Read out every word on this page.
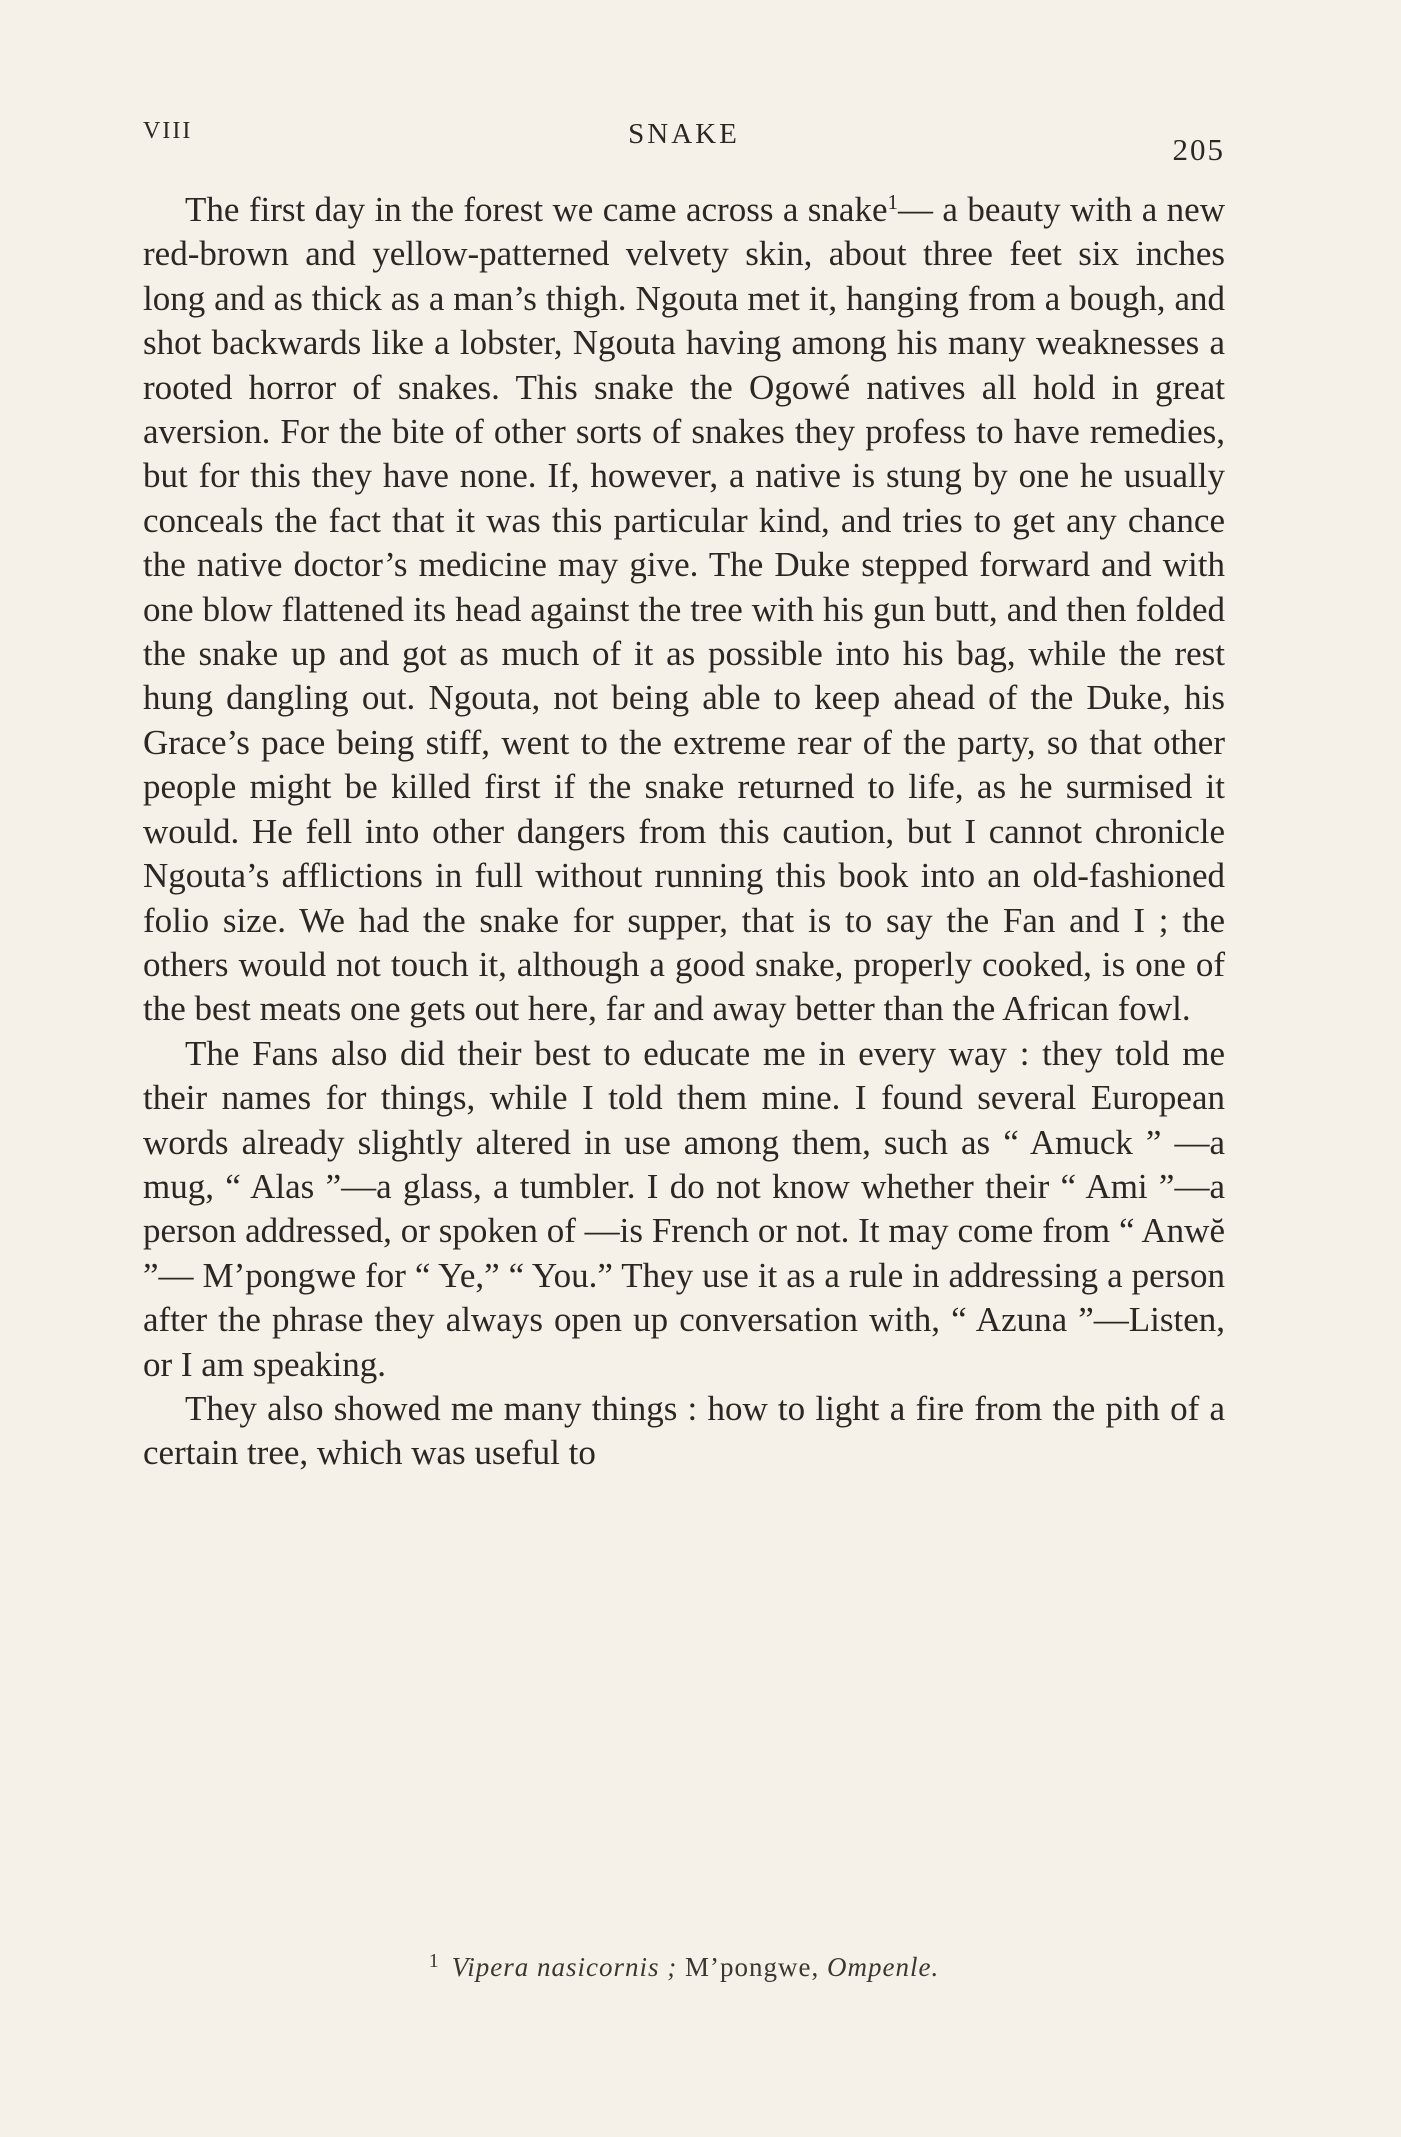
VIII	SNAKE	205

The first day in the forest we came across a snake$^1$— a beauty with a new red-brown and yellow-patterned velvety skin, about three feet six inches long and as thick as a man’s thigh. Ngouta met it, hanging from a bough, and shot backwards like a lobster, Ngouta having among his many weaknesses a rooted horror of snakes. This snake the Ogowé natives all hold in great aversion. For the bite of other sorts of snakes they profess to have remedies, but for this they have none. If, however, a native is stung by one he usually conceals the fact that it was this particular kind, and tries to get any chance the native doctor’s medicine may give. The Duke stepped forward and with one blow flattened its head against the tree with his gun butt, and then folded the snake up and got as much of it as possible into his bag, while the rest hung dangling out. Ngouta, not being able to keep ahead of the Duke, his Grace’s pace being stiff, went to the extreme rear of the party, so that other people might be killed first if the snake returned to life, as he surmised it would. He fell into other dangers from this caution, but I cannot chronicle Ngouta’s afflictions in full without running this book into an old-fashioned folio size. We had the snake for supper, that is to say the Fan and I ; the others would not touch it, although a good snake, properly cooked, is one of the best meats one gets out here, far and away better than the African fowl.

The Fans also did their best to educate me in every way : they told me their names for things, while I told them mine. I found several European words already slightly altered in use among them, such as “ Amuck ” —a mug, “ Alas ”—a glass, a tumbler. I do not know whether their “ Ami ”—a person addressed, or spoken of —is French or not. It may come from “ Anwĕ ”— M’pongwe for “ Ye,” “ You.” They use it as a rule in addressing a person after the phrase they always open up conversation with, “ Azuna ”—Listen, or I am speaking.

They also showed me many things : how to light a fire from the pith of a certain tree, which was useful to

$^1$ Vipera nasicornis ; M’pongwe, Ompenle.
